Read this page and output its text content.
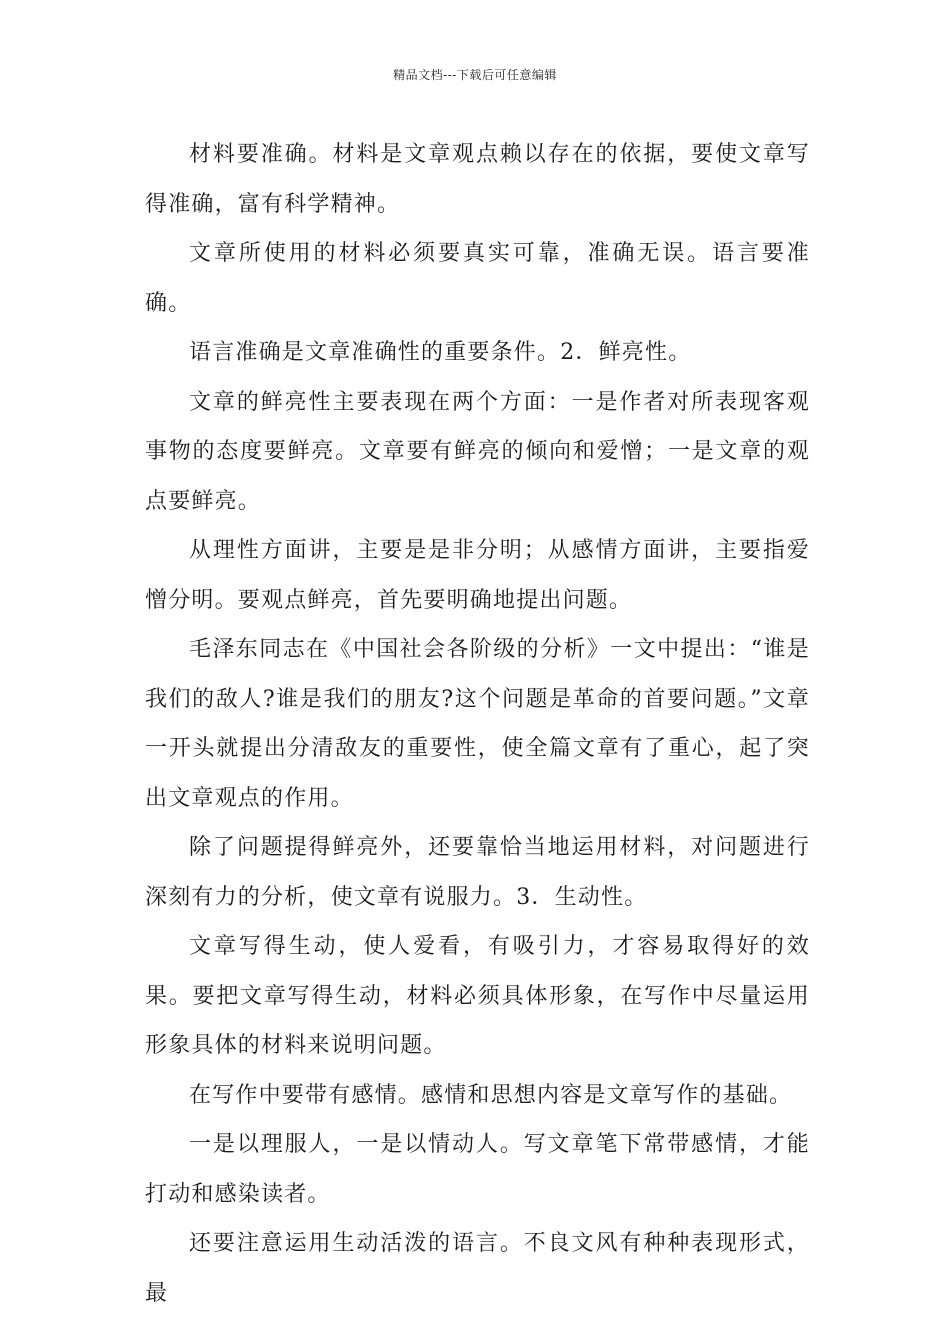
精品文档---下载后可任意编辑

材料要准确。材料是文章观点赖以存在的依据，要使文章写得准确，富有科学精神。

文章所使用的材料必须要真实可靠，准确无误。语言要准确。

语言准确是文章准确性的重要条件。2．鲜亮性。

文章的鲜亮性主要表现在两个方面：一是作者对所表现客观事物的态度要鲜亮。文章要有鲜亮的倾向和爱憎；一是文章的观点要鲜亮。

从理性方面讲，主要是是非分明；从感情方面讲，主要指爱憎分明。要观点鲜亮，首先要明确地提出问题。

毛泽东同志在《中国社会各阶级的分析》一文中提出：“谁是我们的敌人?谁是我们的朋友?这个问题是革命的首要问题。”文章一开头就提出分清敌友的重要性，使全篇文章有了重心，起了突出文章观点的作用。

除了问题提得鲜亮外，还要靠恰当地运用材料，对问题进行深刻有力的分析，使文章有说服力。3．生动性。

文章写得生动，使人爱看，有吸引力，才容易取得好的效果。要把文章写得生动，材料必须具体形象，在写作中尽量运用形象具体的材料来说明问题。

在写作中要带有感情。感情和思想内容是文章写作的基础。

一是以理服人，一是以情动人。写文章笔下常带感情，才能打动和感染读者。

还要注意运用生动活泼的语言。不良文风有种种表现形式，最
